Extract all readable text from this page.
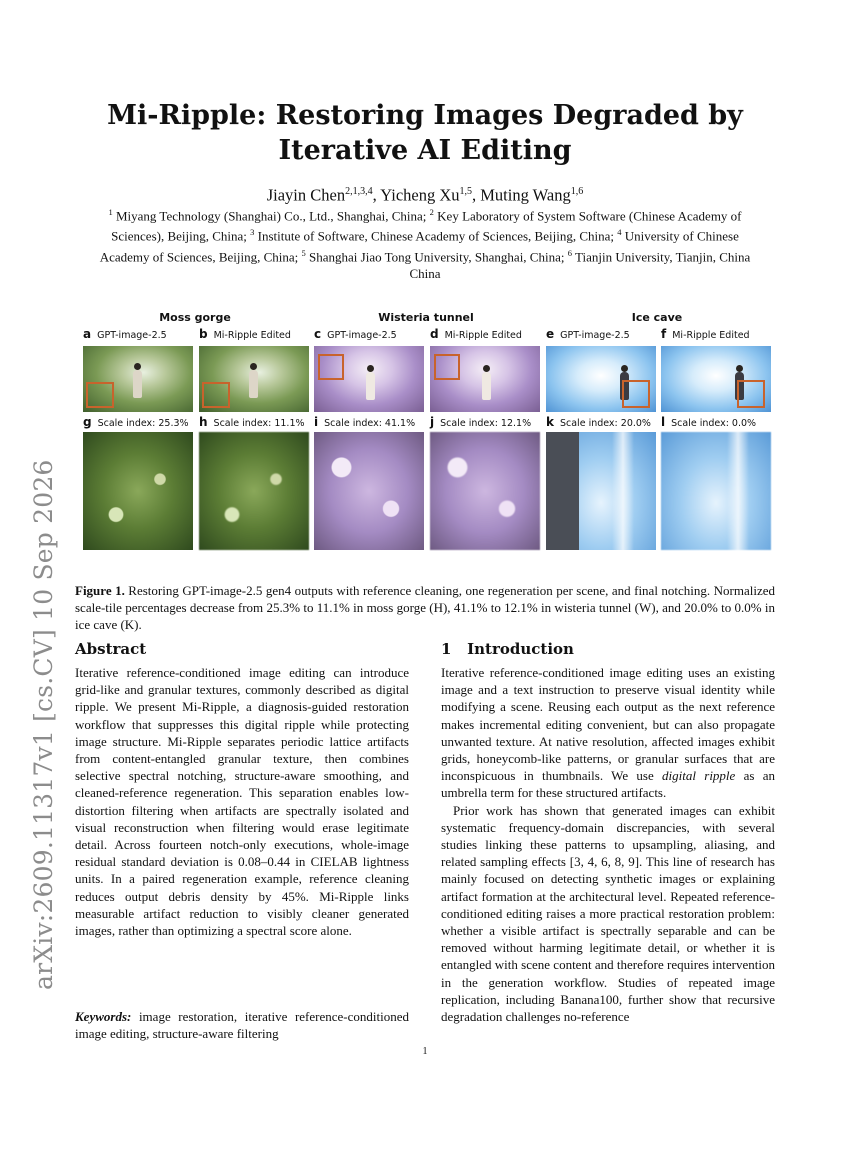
arXiv:2609.11317v1 [cs.CV] 10 Sep 2026
Mi-Ripple: Restoring Images Degraded by Iterative AI Editing
Jiayin Chen$^{2,1,3,4}$, Yicheng Xu$^{1,5}$, Muting Wang$^{1,6}$
$^1$ Miyang Technology (Shanghai) Co., Ltd., Shanghai, China; $^2$ Key Laboratory of System Software (Chinese Academy of Sciences), Beijing, China; $^3$ Institute of Software, Chinese Academy of Sciences, Beijing, China; $^4$ University of Chinese Academy of Sciences, Beijing, China; $^5$ Shanghai Jiao Tong University, Shanghai, China; $^6$ Tianjin University, Tianjin, China
China
Moss gorge	Wisteria tunnel	Ice cave
a GPT-image-2.5	b Mi-Ripple Edited c GPT-image-2.5	d Mi-Ripple Edited e GPT-image-2.5	f Mi-Ripple Edited
g Scale index: 25.3% h Scale index: 11.1% i Scale index: 41.1% j Scale index: 12.1% k Scale index: 20.0% l Scale index: 0.0%
Figure 1. Restoring GPT-image-2.5 gen4 outputs with reference cleaning, one regeneration per scene, and final notching. Normalized scale-tile percentages decrease from 25.3% to 11.1% in moss gorge (H), 41.1% to 12.1% in wisteria tunnel (W), and 20.0% to 0.0% in ice cave (K).
Abstract

Iterative reference-conditioned image editing can introduce grid-like and granular textures, commonly described as digital ripple. We present Mi-Ripple, a diagnosis-guided restoration workflow that suppresses this digital ripple while protecting image structure. Mi-Ripple separates periodic lattice artifacts from content-entangled granular texture, then combines selective spectral notching, structure-aware smoothing, and cleaned-reference regeneration. This separation enables low-distortion filtering when artifacts are spectrally isolated and visual reconstruction when filtering would erase legitimate detail. Across fourteen notch-only executions, whole-image residual standard deviation is 0.08–0.44 in CIELAB lightness units. In a paired regeneration example, reference cleaning reduces output debris density by 45%. Mi-Ripple links measurable artifact reduction to visibly cleaner generated images, rather than optimizing a spectral score alone.

Keywords: image restoration, iterative reference-conditioned image editing, structure-aware filtering
1   Introduction

Iterative reference-conditioned image editing uses an existing image and a text instruction to preserve visual identity while modifying a scene. Reusing each output as the next reference makes incremental editing convenient, but can also propagate unwanted texture. At native resolution, affected images exhibit grids, honeycomb-like patterns, or granular surfaces that are inconspicuous in thumbnails. We use digital ripple as an umbrella term for these structured artifacts.

Prior work has shown that generated images can exhibit systematic frequency-domain discrepancies, with several studies linking these patterns to upsampling, aliasing, and related sampling effects [3, 4, 6, 8, 9]. This line of research has mainly focused on detecting synthetic images or explaining artifact formation at the architectural level. Repeated reference-conditioned editing raises a more practical restoration problem: whether a visible artifact is spectrally separable and can be removed without harming legitimate detail, or whether it is entangled with scene content and therefore requires intervention in the generation workflow. Studies of repeated image replication, including Banana100, further show that recursive degradation challenges no-reference

1
